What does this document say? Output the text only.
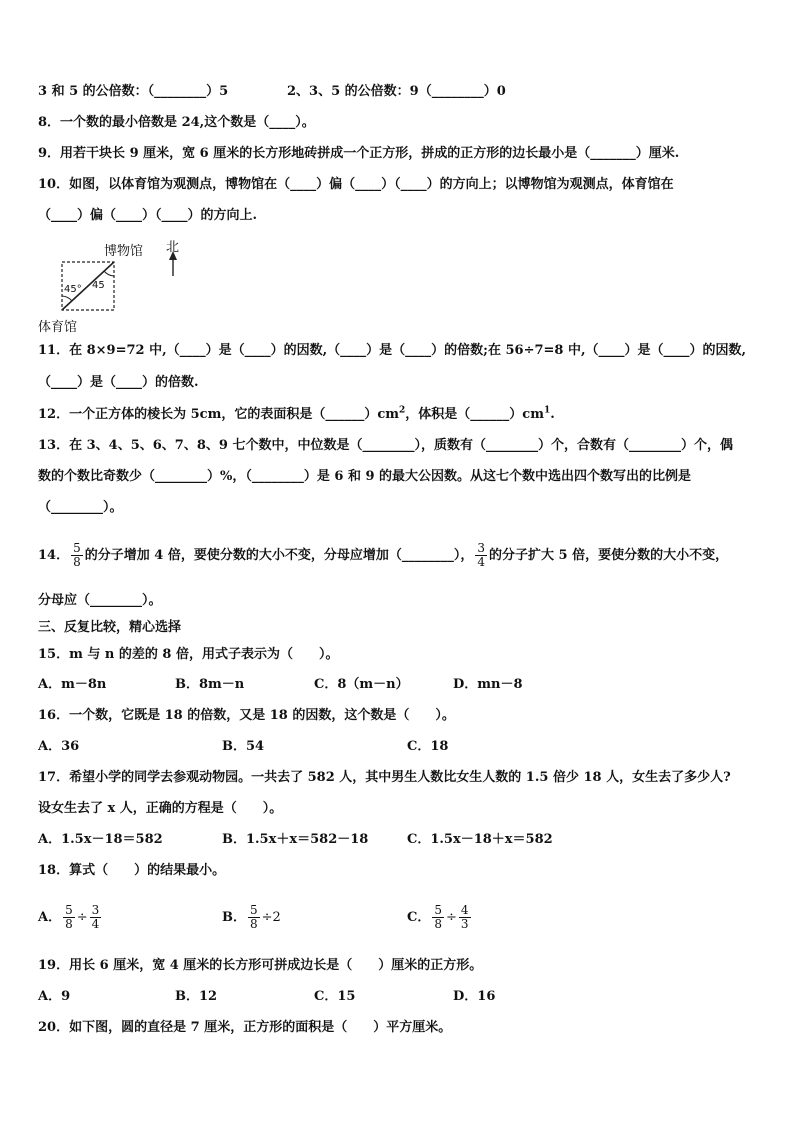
3 和 5 的公倍数：（________）5	2、3、5 的公倍数：9（________）0
8．一个数的最小倍数是 24,这个数是（____）。
9．用若干块长 9 厘米，宽 6 厘米的长方形地砖拼成一个正方形，拼成的正方形的边长最小是（_______）厘米.
10．如图，以体育馆为观测点，博物馆在（____）偏（____）（____）的方向上；以博物馆为观测点，体育馆在
（____）偏（____）（____）的方向上.
博物馆 北
45° 45
体育馆
11．在 8×9=72 中,（____）是（____）的因数,（____）是（____）的倍数;在 56÷7=8 中,（____）是（____）的因数,
（____）是（____）的倍数.
12．一个正方体的棱长为 5cm，它的表面积是$(\_\_\_\_\_\_)cm^2$，体积是$(\_\_\_\_\_\_)cm^1$.
13．在 3、4、5、6、7、8、9 七个数中，中位数是（________），质数有（________）个，合数有（________）个，偶
数的个数比奇数少（________）%，（________）是 6 和 9 的最大公因数。从这七个数中选出四个数写出的比例是
（________）。
14． $\frac{5}{8}$ 的分子增加 4 倍，要使分数的大小不变，分母应增加（________）， $\frac{3}{4}$ 的分子扩大 5 倍，要使分数的大小不变，
分母应（________）。
三、反复比较，精心选择
15．m 与 n 的差的 8 倍，用式子表示为（　　）。
A．m－8n	B．8m－n	C．8（m－n）	D．mn－8
16．一个数，它既是 18 的倍数，又是 18 的因数，这个数是（　　）。
A．36	B．54	C．18
17．希望小学的同学去参观动物园。一共去了 582 人，其中男生人数比女生人数的 1.5 倍少 18 人，女生去了多少人?
设女生去了 x 人，正确的方程是（　　）。
A．1.5x－18＝582	B．1.5x＋x＝582－18	C．1.5x－18＋x＝582
18．算式（　　）的结果最小。
A． $\frac{5}{8} \div \frac{3}{4}$	B． $\frac{5}{8} \div 2$	C． $\frac{5}{8} \div \frac{4}{3}$
19．用长 6 厘米，宽 4 厘米的长方形可拼成边长是（　　）厘米的正方形。
A．9	B．12	C．15	D．16
20．如下图，圆的直径是 7 厘米，正方形的面积是（　　）平方厘米。
